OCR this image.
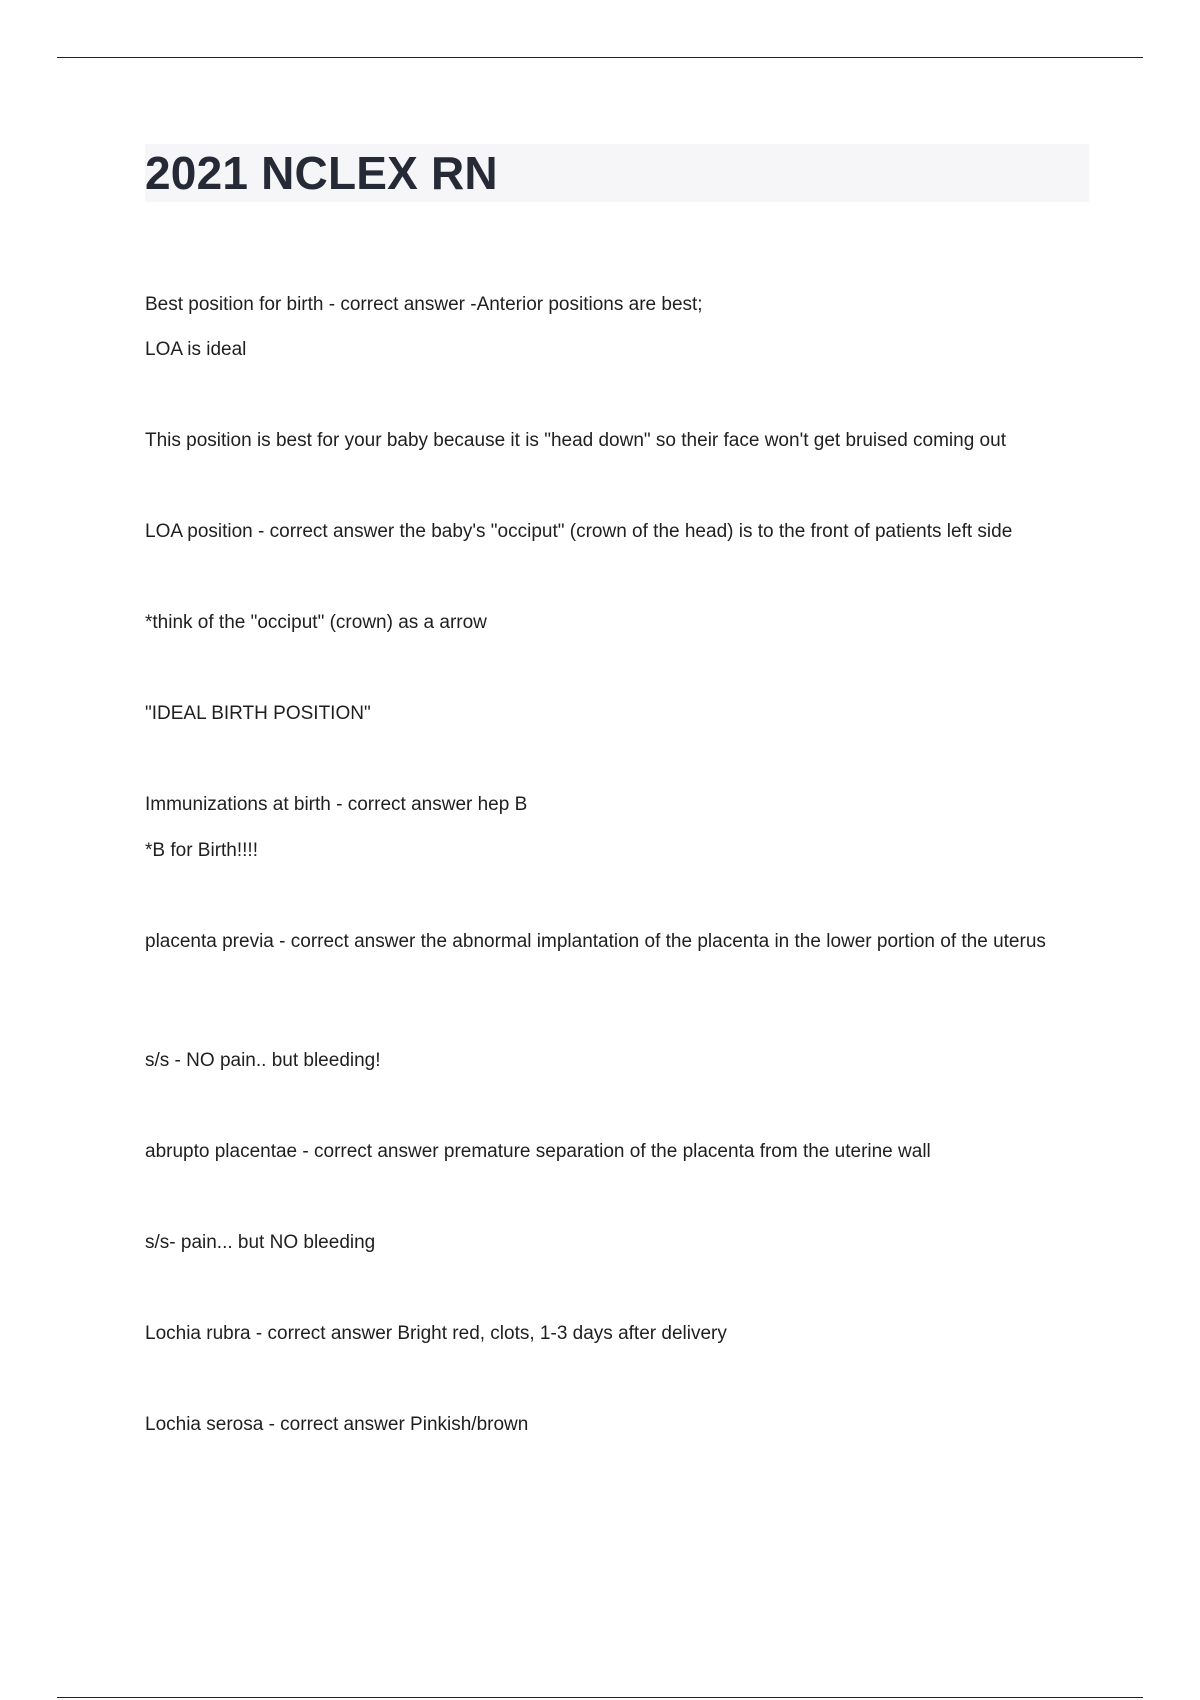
2021 NCLEX RN
Best position for birth - correct answer -Anterior positions are best;
LOA is ideal
This position is best for your baby because it is "head down" so their face won't get bruised coming out
LOA position - correct answer the baby's "occiput" (crown of the head) is to the front of patients left side
*think of the "occiput" (crown) as a arrow
"IDEAL BIRTH POSITION"
Immunizations at birth - correct answer hep B
*B for Birth!!!!
placenta previa - correct answer the abnormal implantation of the placenta in the lower portion of the uterus
s/s - NO pain.. but bleeding!
abrupto placentae - correct answer premature separation of the placenta from the uterine wall
s/s- pain... but NO bleeding
Lochia rubra - correct answer Bright red, clots, 1-3 days after delivery
Lochia serosa - correct answer Pinkish/brown
